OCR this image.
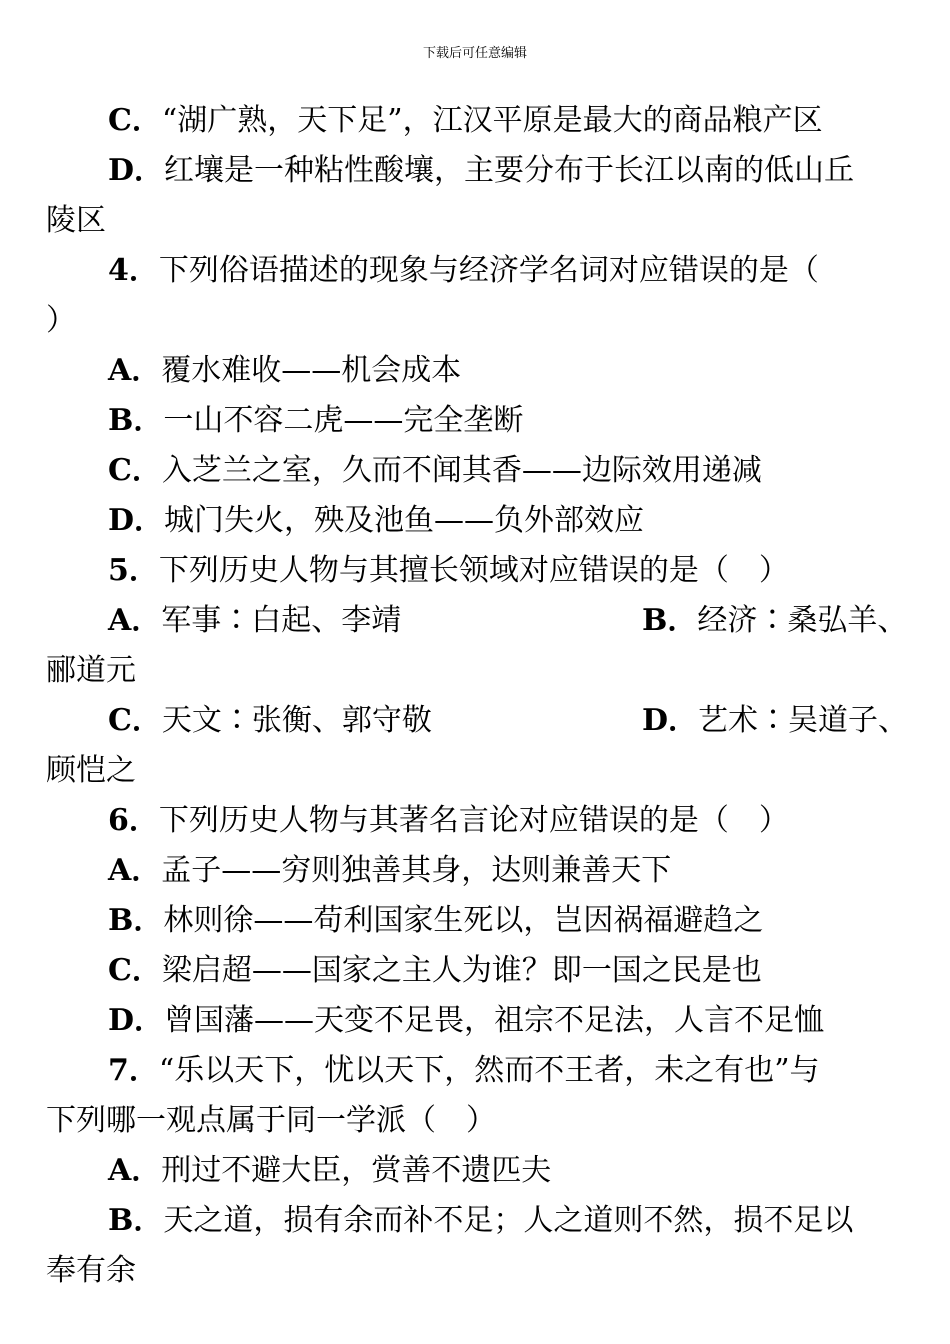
下载后可任意编辑
C．“湖广熟，天下足”，江汉平原是最大的商品粮产区
D．红壤是一种粘性酸壤，主要分布于长江以南的低山丘
陵区
4．下列俗语描述的现象与经济学名词对应错误的是（
）
A．覆水难收——机会成本
B．一山不容二虎——完全垄断
C．入芝兰之室，久而不闻其香——边际效用递减
D．城门失火，殃及池鱼——负外部效应
5．下列历史人物与其擅长领域对应错误的是（　）
A．军事∶白起、李靖	B．经济∶桑弘羊、
郦道元
C．天文∶张衡、郭守敬	D．艺术∶吴道子、
顾恺之
6．下列历史人物与其著名言论对应错误的是（　）
A．孟子——穷则独善其身，达则兼善天下
B．林则徐——苟利国家生死以，岂因祸福避趋之
C．梁启超——国家之主人为谁？即一国之民是也
D．曾国藩——天变不足畏，祖宗不足法，人言不足恤
7．“乐以天下，忧以天下，然而不王者，未之有也”与
下列哪一观点属于同一学派（　）
A．刑过不避大臣，赏善不遗匹夫
B．天之道，损有余而补不足；人之道则不然，损不足以
奉有余
